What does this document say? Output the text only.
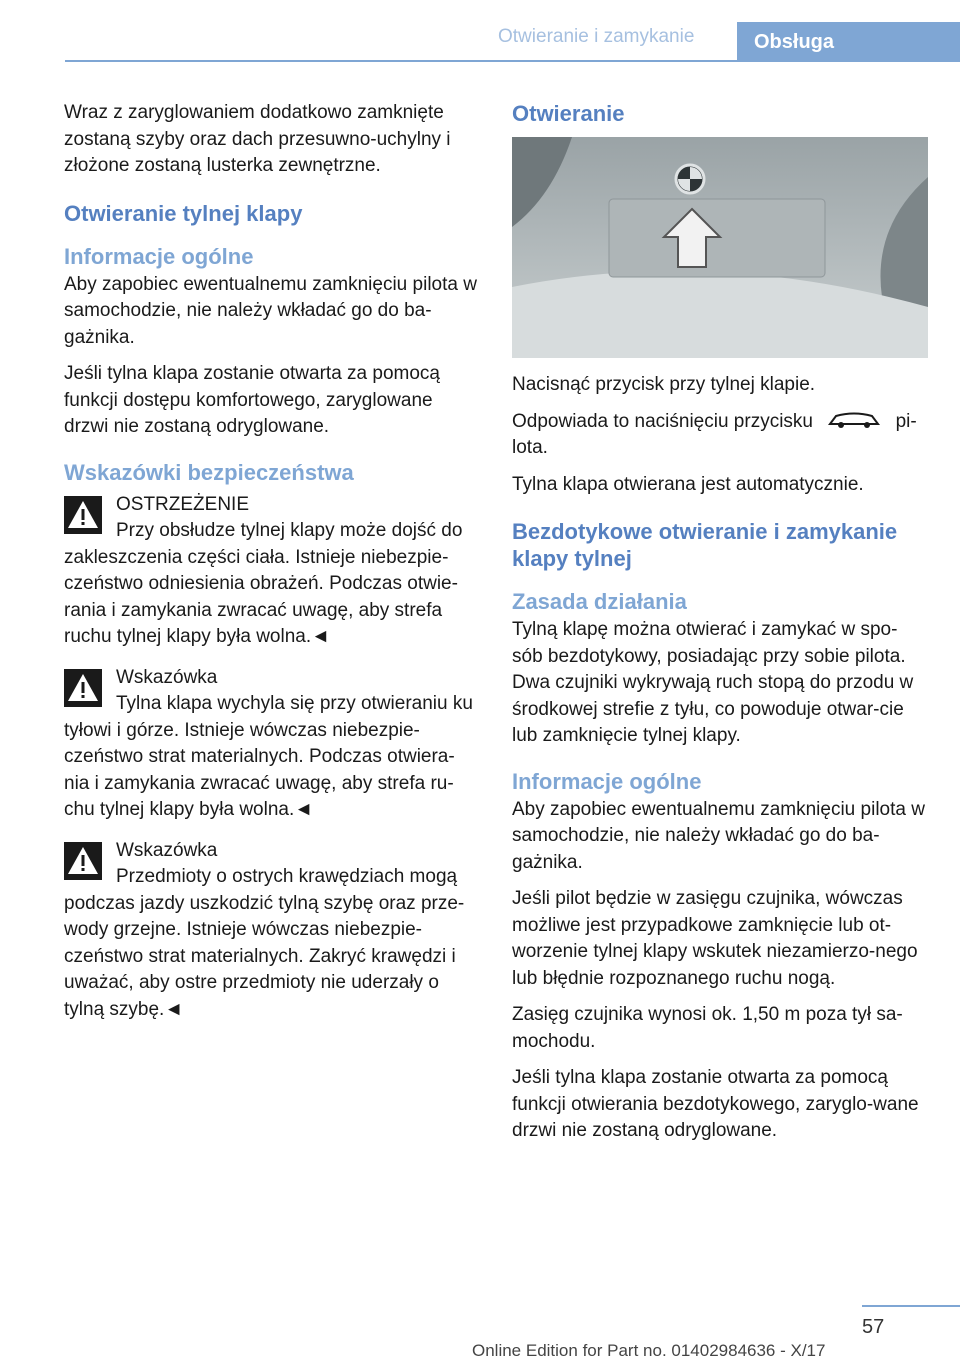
Otwieranie i zamykanie	Obsługa

Wraz z zaryglowaniem dodatkowo zamknięte zostaną szyby oraz dach przesuwno-uchylny i złożone zostaną lusterka zewnętrzne.

Otwieranie tylnej klapy
Informacje ogólne

Aby zapobiec ewentualnemu zamknięciu pilota w samochodzie, nie należy wkładać go do ba-gażnika.

Jeśli tylna klapa zostanie otwarta za pomocą funkcji dostępu komfortowego, zaryglowane drzwi nie zostaną odryglowane.

Wskazówki bezpieczeństwa
OSTRZEŻENIE
Przy obsłudze tylnej klapy może dojść do zakleszczenia części ciała. Istnieje niebezpie-czeństwo odniesienia obrażeń. Podczas otwie-rania i zamykania zwracać uwagę, aby strefa ruchu tylnej klapy była wolna.◄
Wskazówka
Tylna klapa wychyla się przy otwieraniu ku tyłowi i górze. Istnieje wówczas niebezpie-czeństwo strat materialnych. Podczas otwiera-nia i zamykania zwracać uwagę, aby strefa ru-chu tylnej klapy była wolna.◄
Wskazówka
Przedmioty o ostrych krawędziach mogą podczas jazdy uszkodzić tylną szybę oraz prze-wody grzejne. Istnieje wówczas niebezpie-czeństwo strat materialnych. Zakryć krawędzi i uważać, aby ostre przedmioty nie uderzały o tylną szybę.◄
Otwieranie

Nacisnąć przycisk przy tylnej klapie.

Odpowiada to naciśnięciu przycisku	pi-lota.

Tylna klapa otwierana jest automatycznie.

Bezdotykowe otwieranie i zamykanie klapy tylnej
Zasada działania

Tylną klapę można otwierać i zamykać w spo-sób bezdotykowy, posiadając przy sobie pilota. Dwa czujniki wykrywają ruch stopą do przodu w środkowej strefie z tyłu, co powoduje otwar-cie lub zamknięcie tylnej klapy.

Informacje ogólne

Aby zapobiec ewentualnemu zamknięciu pilota w samochodzie, nie należy wkładać go do ba-gażnika.

Jeśli pilot będzie w zasięgu czujnika, wówczas możliwe jest przypadkowe zamknięcie lub ot-worzenie tylnej klapy wskutek niezamierzo-nego lub błędnie rozpoznanego ruchu nogą.

Zasięg czujnika wynosi ok. 1,50 m poza tył sa-mochodu.

Jeśli tylna klapa zostanie otwarta za pomocą funkcji otwierania bezdotykowego, zaryglo-wane drzwi nie zostaną odryglowane.

57
Online Edition for Part no. 01402984636 - X/17
